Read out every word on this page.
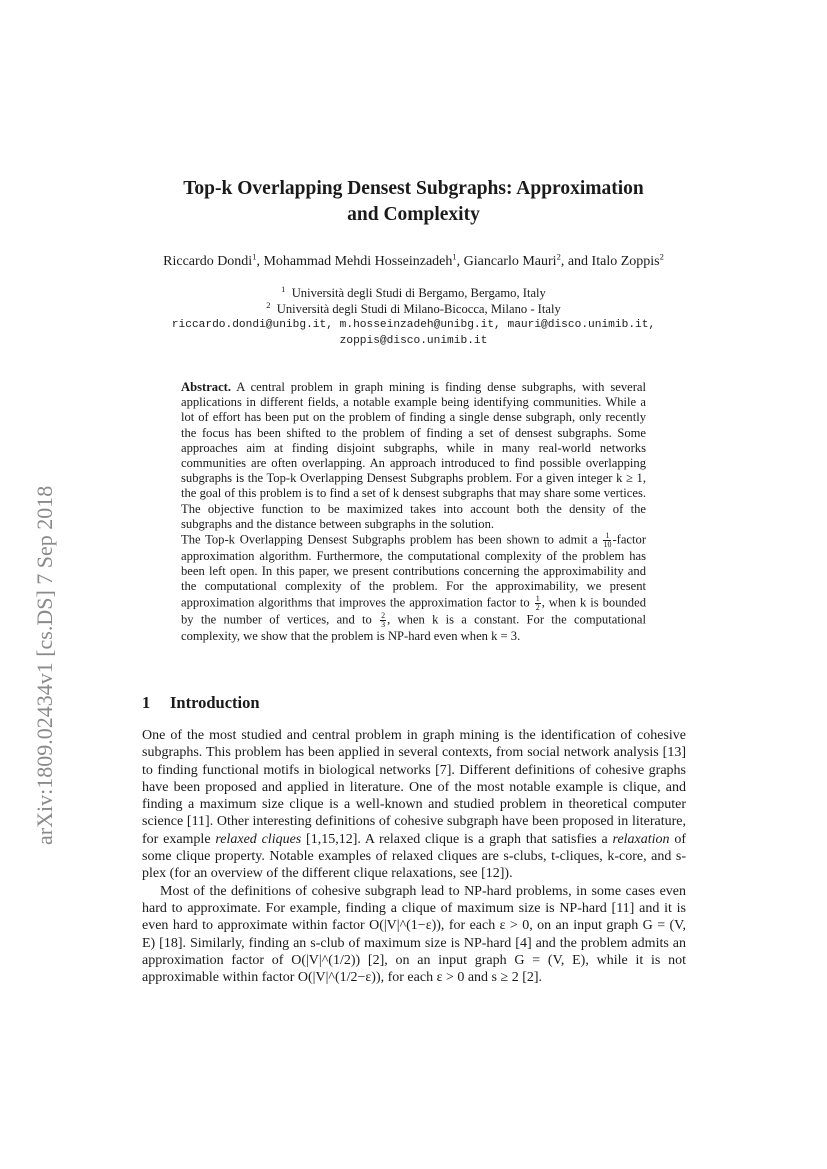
arXiv:1809.02434v1 [cs.DS] 7 Sep 2018
Top-k Overlapping Densest Subgraphs: Approximation
and Complexity

Riccardo Dondi$^1$, Mohammad Mehdi Hosseinzadeh$^1$, Giancarlo Mauri$^2$, and Italo Zoppis$^2$

$^1$ Università degli Studi di Bergamo, Bergamo, Italy

$^2$ Università degli Studi di Milano-Bicocca, Milano - Italy

riccardo.dondi@unibg.it, m.hosseinzadeh@unibg.it, mauri@disco.unimib.it,

zoppis@disco.unimib.it

Abstract. A central problem in graph mining is finding dense subgraphs, with several applications in different fields, a notable example being identifying communities. While a lot of effort has been put on the problem of finding a single dense subgraph, only recently the focus has been shifted to the problem of finding a set of densest subgraphs. Some approaches aim at finding disjoint subgraphs, while in many real-world networks communities are often overlapping. An approach introduced to find possible overlapping subgraphs is the Top-k Overlapping Densest Subgraphs problem. For a given integer k ≥ 1, the goal of this problem is to find a set of k densest subgraphs that may share some vertices. The objective function to be maximized takes into account both the density of the subgraphs and the distance between subgraphs in the solution.

The Top-k Overlapping Densest Subgraphs problem has been shown to admit a $\frac{1}{10}$ -factor approximation algorithm. Furthermore, the computational complexity of the problem has been left open. In this paper, we present contributions concerning the approximability and the computational complexity of the problem. For the approximability, we present approximation algorithms that improves the approximation factor to $\frac{1}{2}$ , when k is bounded by the number of vertices, and to $\frac{2}{3}$ , when k is a constant. For the computational complexity, we show that the problem is NP-hard even when k = 3.

1 Introduction

One of the most studied and central problem in graph mining is the identification of cohesive subgraphs. This problem has been applied in several contexts, from social network analysis [13] to finding functional motifs in biological networks [7]. Different definitions of cohesive graphs have been proposed and applied in literature. One of the most notable example is clique, and finding a maximum size clique is a well-known and studied problem in theoretical computer science [11]. Other interesting definitions of cohesive subgraph have been proposed in literature, for example relaxed cliques [1,15,12]. A relaxed clique is a graph that satisfies a relaxation of some clique property. Notable examples of relaxed cliques are s-clubs, t-cliques, k-core, and s-plex (for an overview of the different clique relaxations, see [12]).

Most of the definitions of cohesive subgraph lead to NP-hard problems, in some cases even hard to approximate. For example, finding a clique of maximum size is NP-hard [11] and it is even hard to approximate within factor O(|V|^(1−ε)), for each ε > 0, on an input graph G = (V, E) [18]. Similarly, finding an s-club of maximum size is NP-hard [4] and the problem admits an approximation factor of O(|V|^(1/2)) [2], on an input graph G = (V, E), while it is not approximable within factor O(|V|^(1/2−ε)), for each ε > 0 and s ≥ 2 [2].
